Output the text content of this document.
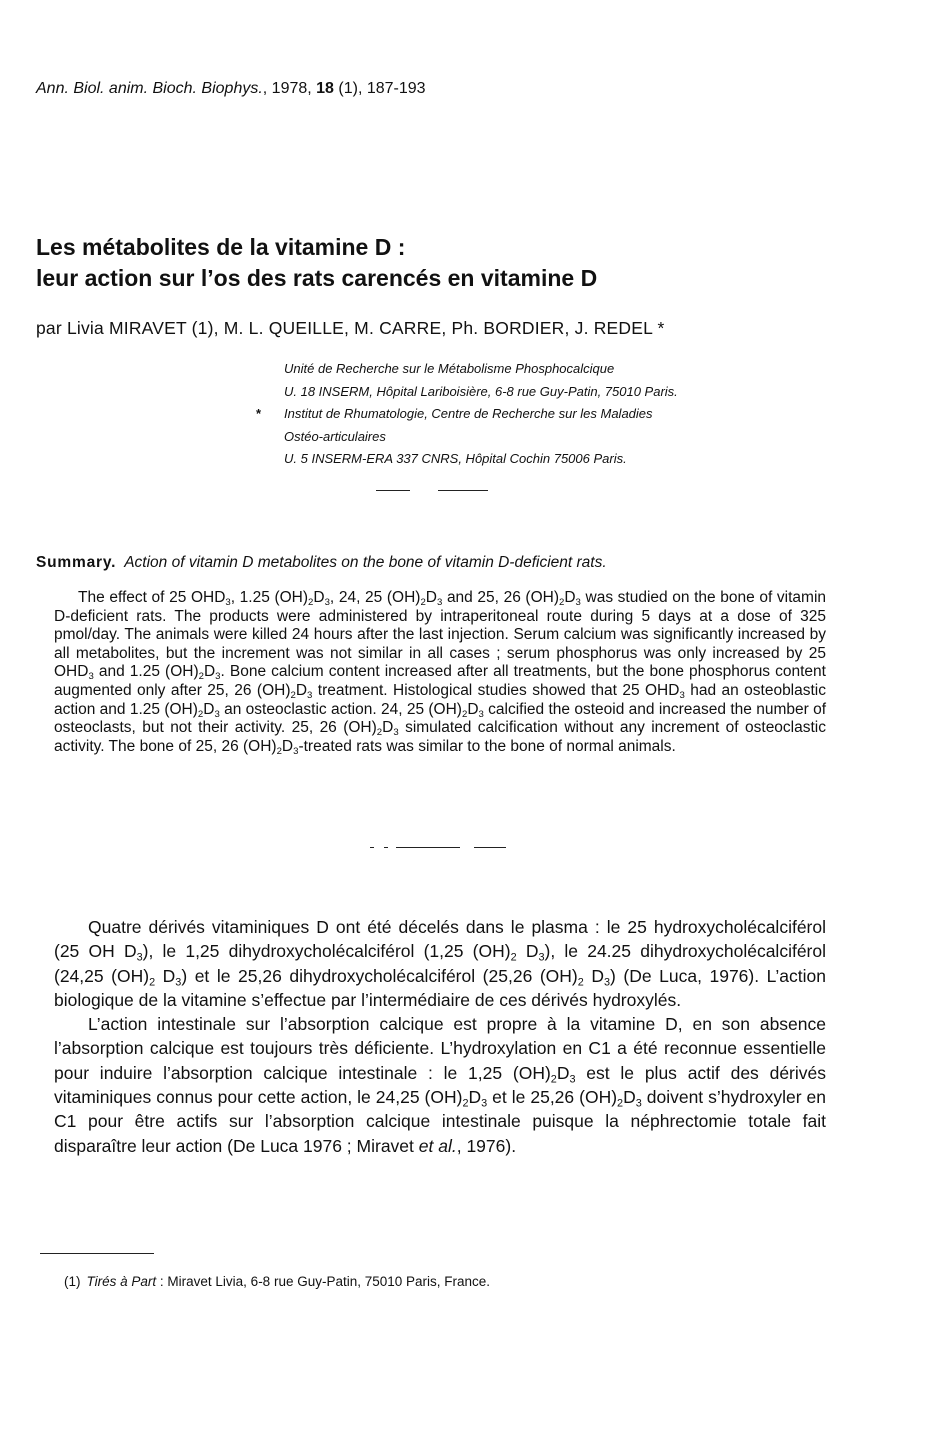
Ann. Biol. anim. Bioch. Biophys., 1978, 18 (1), 187-193
Les métabolites de la vitamine D :
leur action sur l’os des rats carencés en vitamine D
par Livia MIRAVET (1), M. L. QUEILLE, M. CARRE, Ph. BORDIER, J. REDEL *
Unité de Recherche sur le Métabolisme Phosphocalcique
U. 18 INSERM, Hôpital Lariboisière, 6-8 rue Guy-Patin, 75010 Paris.
* Institut de Rhumatologie, Centre de Recherche sur les Maladies
Ostéo-articulaires
U. 5 INSERM-ERA 337 CNRS, Hôpital Cochin 75006 Paris.
Summary. Action of vitamin D metabolites on the bone of vitamin D-deficient rats.

The effect of 25 $OHD_3$, 1.25 $(OH)_2D_3$, 24, 25 $(OH)_2D_3$ and 25, 26 $(OH)_2D_3$ was studied on the bone of vitamin D-deficient rats. The products were administered by intraperitoneal route during 5 days at a dose of 325 pmol/day. The animals were killed 24 hours after the last injection. Serum calcium was significantly increased by all metabolites, but the increment was not similar in all cases ; serum phosphorus was only increased by 25 $OHD_3$ and 1.25 $(OH)_2D_3$. Bone calcium content increased after all treatments, but the bone phosphorus content augmented only after 25, 26 $(OH)_2D_3$ treatment. Histological studies showed that 25 $OHD_3$ had an osteoblastic action and 1.25 $(OH)_2D_3$ an osteoclastic action. 24, 25 $(OH)_2D_3$ calcified the osteoid and increased the number of osteoclasts, but not their activity. 25, 26 $(OH)_2D_3$ simulated calcification without any increment of osteoclastic activity. The bone of 25, 26 $(OH)_2D_3$-treated rats was similar to the bone of normal animals.

Quatre dérivés vitaminiques D ont été décelés dans le plasma : le 25 hydroxycholécalciférol (25 OH $D_3$), le 1,25 dihydroxycholécalciférol (1,25 $(OH)_2$ $D_3$), le 24.25 dihydroxycholécalciférol (24,25 $(OH)_2$ $D_3$) et le 25,26 dihydroxycholécalciférol (25,26 $(OH)_2$ $D_3$) (De Luca, 1976). L’action biologique de la vitamine s’effectue par l’intermédiaire de ces dérivés hydroxylés.

L’action intestinale sur l’absorption calcique est propre à la vitamine D, en son absence l’absorption calcique est toujours très déficiente. L’hydroxylation en C1 a été reconnue essentielle pour induire l’absorption calcique intestinale : le 1,25 $(OH)_2D_3$ est le plus actif des dérivés vitaminiques connus pour cette action, le 24,25 $(OH)_2D_3$ et le 25,26 $(OH)_2D_3$ doivent s’hydroxyler en C1 pour être actifs sur l’absorption calcique intestinale puisque la néphrectomie totale fait disparaître leur action (De Luca 1976 ; Miravet et al., 1976).

(1) Tirés à Part : Miravet Livia, 6-8 rue Guy-Patin, 75010 Paris, France.
